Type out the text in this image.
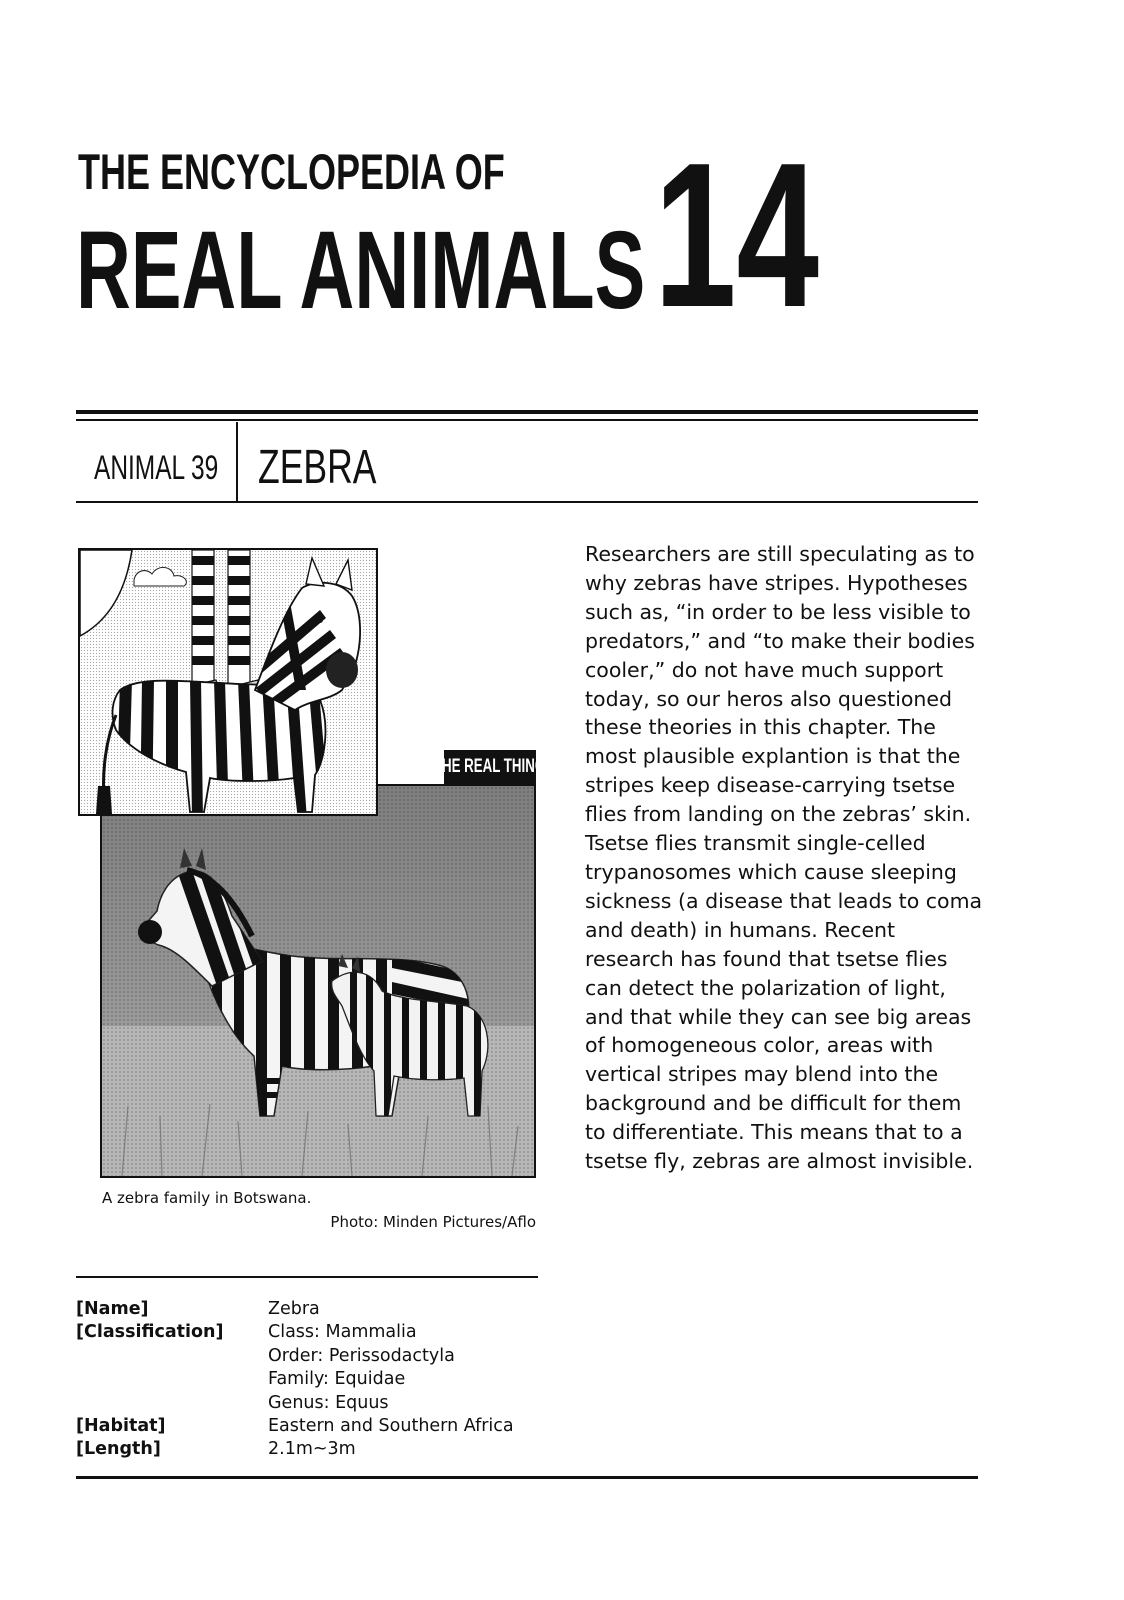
THE ENCYCLOPEDIA OF
REAL ANIMALS 14
ANIMAL 39 ZEBRA
THE REAL THING

A zebra family in Botswana.

Photo: Minden Pictures/Aflo

Researchers are still speculating as to why zebras have stripes. Hypotheses such as, “in order to be less visible to predators,” and “to make their bodies cooler,” do not have much support today, so our heros also questioned these theories in this chapter. The most plausible explantion is that the stripes keep disease-carrying tsetse flies from landing on the zebras’ skin. Tsetse flies transmit single-celled trypanosomes which cause sleeping sickness (a disease that leads to coma and death) in humans. Recent research has found that tsetse flies can detect the polarization of light, and that while they can see big areas of homogeneous color, areas with vertical stripes may blend into the background and be difficult for them to differentiate. This means that to a tsetse fly, zebras are almost invisible.

[Name]	Zebra
[Classification]	Class: Mammalia
Order: Perissodactyla
Family: Equidae
Genus: Equus
[Habitat]	Eastern and Southern Africa
[Length]	2.1m~3m
